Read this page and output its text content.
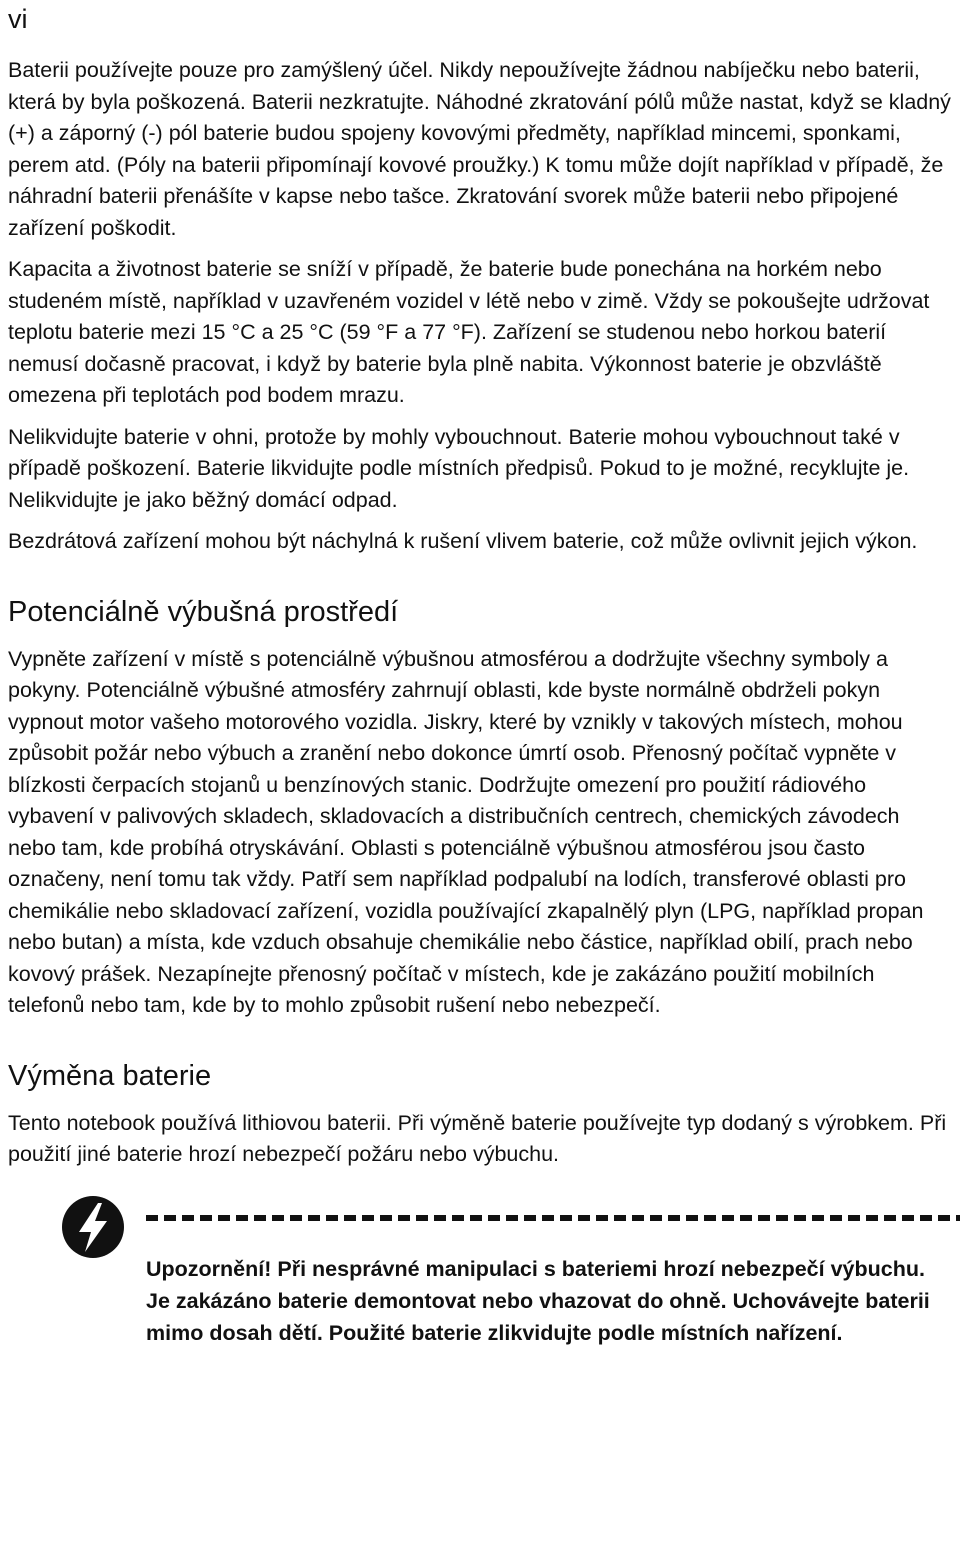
vi

Baterii používejte pouze pro zamýšlený účel. Nikdy nepoužívejte žádnou nabíječku nebo baterii, která by byla poškozená. Baterii nezkratujte. Náhodné zkratování pólů může nastat, když se kladný (+) a záporný (-) pól baterie budou spojeny kovovými předměty, například mincemi, sponkami, perem atd. (Póly na baterii připomínají kovové proužky.) K tomu může dojít například v případě, že náhradní baterii přenášíte v kapse nebo tašce. Zkratování svorek může baterii nebo připojené zařízení poškodit.

Kapacita a životnost baterie se sníží v případě, že baterie bude ponechána na horkém nebo studeném místě, například v uzavřeném vozidel v létě nebo v zimě. Vždy se pokoušejte udržovat teplotu baterie mezi 15 °C a 25 °C (59 °F a 77 °F). Zařízení se studenou nebo horkou baterií nemusí dočasně pracovat, i když by baterie byla plně nabita. Výkonnost baterie je obzvláště omezena při teplotách pod bodem mrazu.

Nelikvidujte baterie v ohni, protože by mohly vybouchnout. Baterie mohou vybouchnout také v případě poškození. Baterie likvidujte podle místních předpisů. Pokud to je možné, recyklujte je. Nelikvidujte je jako běžný domácí odpad.

Bezdrátová zařízení mohou být náchylná k rušení vlivem baterie, což může ovlivnit jejich výkon.

Potenciálně výbušná prostředí

Vypněte zařízení v místě s potenciálně výbušnou atmosférou a dodržujte všechny symboly a pokyny. Potenciálně výbušné atmosféry zahrnují oblasti, kde byste normálně obdrželi pokyn vypnout motor vašeho motorového vozidla. Jiskry, které by vznikly v takových místech, mohou způsobit požár nebo výbuch a zranění nebo dokonce úmrtí osob. Přenosný počítač vypněte v blízkosti čerpacích stojanů u benzínových stanic. Dodržujte omezení pro použití rádiového vybavení v palivových skladech, skladovacích a distribučních centrech, chemických závodech nebo tam, kde probíhá otryskávání. Oblasti s potenciálně výbušnou atmosférou jsou často označeny, není tomu tak vždy. Patří sem například podpalubí na lodích, transferové oblasti pro chemikálie nebo skladovací zařízení, vozidla používající zkapalnělý plyn (LPG, například propan nebo butan) a místa, kde vzduch obsahuje chemikálie nebo částice, například obilí, prach nebo kovový prášek. Nezapínejte přenosný počítač v místech, kde je zakázáno použití mobilních telefonů nebo tam, kde by to mohlo způsobit rušení nebo nebezpečí.

Výměna baterie

Tento notebook používá lithiovou baterii. Při výměně baterie používejte typ dodaný s výrobkem. Při použití jiné baterie hrozí nebezpečí požáru nebo výbuchu.

Upozornění! Při nesprávné manipulaci s bateriemi hrozí nebezpečí výbuchu. Je zakázáno baterie demontovat nebo vhazovat do ohně. Uchovávejte baterii mimo dosah dětí. Použité baterie zlikvidujte podle místních nařízení.
